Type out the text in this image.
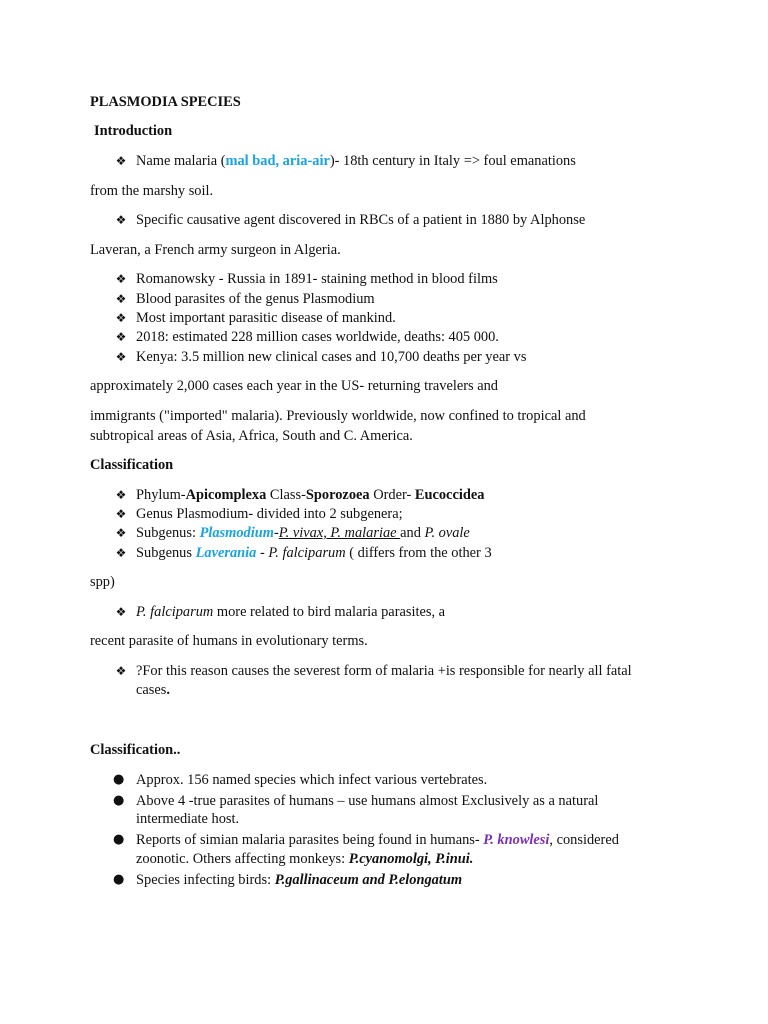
PLASMODIA SPECIES
Introduction
❖ Name malaria (mal bad, aria-air)- 18th century in Italy => foul emanations
from the marshy soil.
❖ Specific causative agent discovered in RBCs of a patient in 1880 by Alphonse
Laveran, a French army surgeon in Algeria.
❖ Romanowsky - Russia in 1891- staining method in blood films
❖ Blood parasites of the genus Plasmodium
❖ Most important parasitic disease of mankind.
❖ 2018: estimated 228 million cases worldwide, deaths: 405 000.
❖ Kenya: 3.5 million new clinical cases and 10,700 deaths per year vs
approximately 2,000 cases each year in the US- returning travelers and
immigrants ("imported" malaria). Previously worldwide, now confined to tropical and
subtropical areas of Asia, Africa, South and C. America.
Classification
❖ Phylum-Apicomplexa Class-Sporozoea Order- Eucoccidea
❖ Genus Plasmodium- divided into 2 subgenera;
❖ Subgenus: Plasmodium-P. vivax, P. malariae and P. ovale
❖ Subgenus Laverania - P. falciparum ( differs from the other 3
spp)
❖ P. falciparum more related to bird malaria parasites, a
recent parasite of humans in evolutionary terms.
❖ ?For this reason causes the severest form of malaria +is responsible for nearly all fatal
cases.
Classification..
● Approx. 156 named species which infect various vertebrates.
● Above 4 -true parasites of humans – use humans almost Exclusively as a natural
intermediate host.
● Reports of simian malaria parasites being found in humans- P. knowlesi, considered
zoonotic. Others affecting monkeys: P.cyanomolgi, P.inui.
● Species infecting birds: P.gallinaceum and P.elongatum
